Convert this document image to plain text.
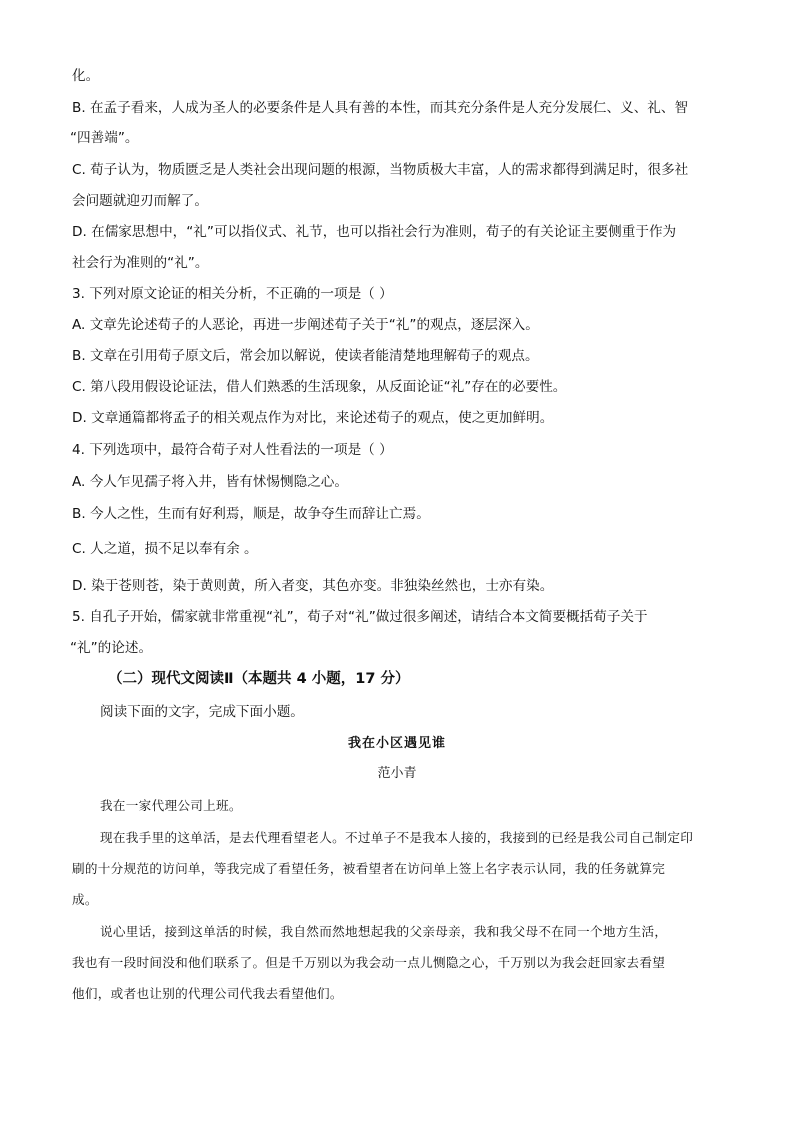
化。
B. 在孟子看来，人成为圣人的必要条件是人具有善的本性，而其充分条件是人充分发展仁、义、礼、智
“四善端”。
C. 荀子认为，物质匮乏是人类社会出现问题的根源，当物质极大丰富，人的需求都得到满足时，很多社
会问题就迎刃而解了。
D. 在儒家思想中，“礼”可以指仪式、礼节，也可以指社会行为准则，荀子的有关论证主要侧重于作为
社会行为准则的“礼”。
3. 下列对原文论证的相关分析，不正确的一项是（ ）
A. 文章先论述荀子的人恶论，再进一步阐述荀子关于“礼”的观点，逐层深入。
B. 文章在引用荀子原文后，常会加以解说，使读者能清楚地理解荀子的观点。
C. 第八段用假设论证法，借人们熟悉的生活现象，从反面论证“礼”存在的必要性。
D. 文章通篇都将孟子的相关观点作为对比，来论述荀子的观点，使之更加鲜明。
4. 下列选项中，最符合荀子对人性看法的一项是（ ）
A. 今人乍见孺子将入井，皆有怵惕恻隐之心。
B. 今人之性，生而有好利焉，顺是，故争夺生而辞让亡焉。
C. 人之道，损不足以奉有余 。
D. 染于苍则苍，染于黄则黄，所入者变，其色亦变。非独染丝然也，士亦有染。
5. 自孔子开始，儒家就非常重视“礼”，荀子对“礼”做过很多阐述，请结合本文简要概括荀子关于
“礼”的论述。
（二）现代文阅读Ⅱ（本题共 4 小题，17 分）
阅读下面的文字，完成下面小题。
我在小区遇见谁
范小青
我在一家代理公司上班。
现在我手里的这单活，是去代理看望老人。不过单子不是我本人接的，我接到的已经是我公司自己制定印
刷的十分规范的访问单，等我完成了看望任务，被看望者在访问单上签上名字表示认同，我的任务就算完
成。
说心里话，接到这单活的时候，我自然而然地想起我的父亲母亲，我和我父母不在同一个地方生活，
我也有一段时间没和他们联系了。但是千万别以为我会动一点儿恻隐之心，千万别以为我会赶回家去看望
他们，或者也让别的代理公司代我去看望他们。
